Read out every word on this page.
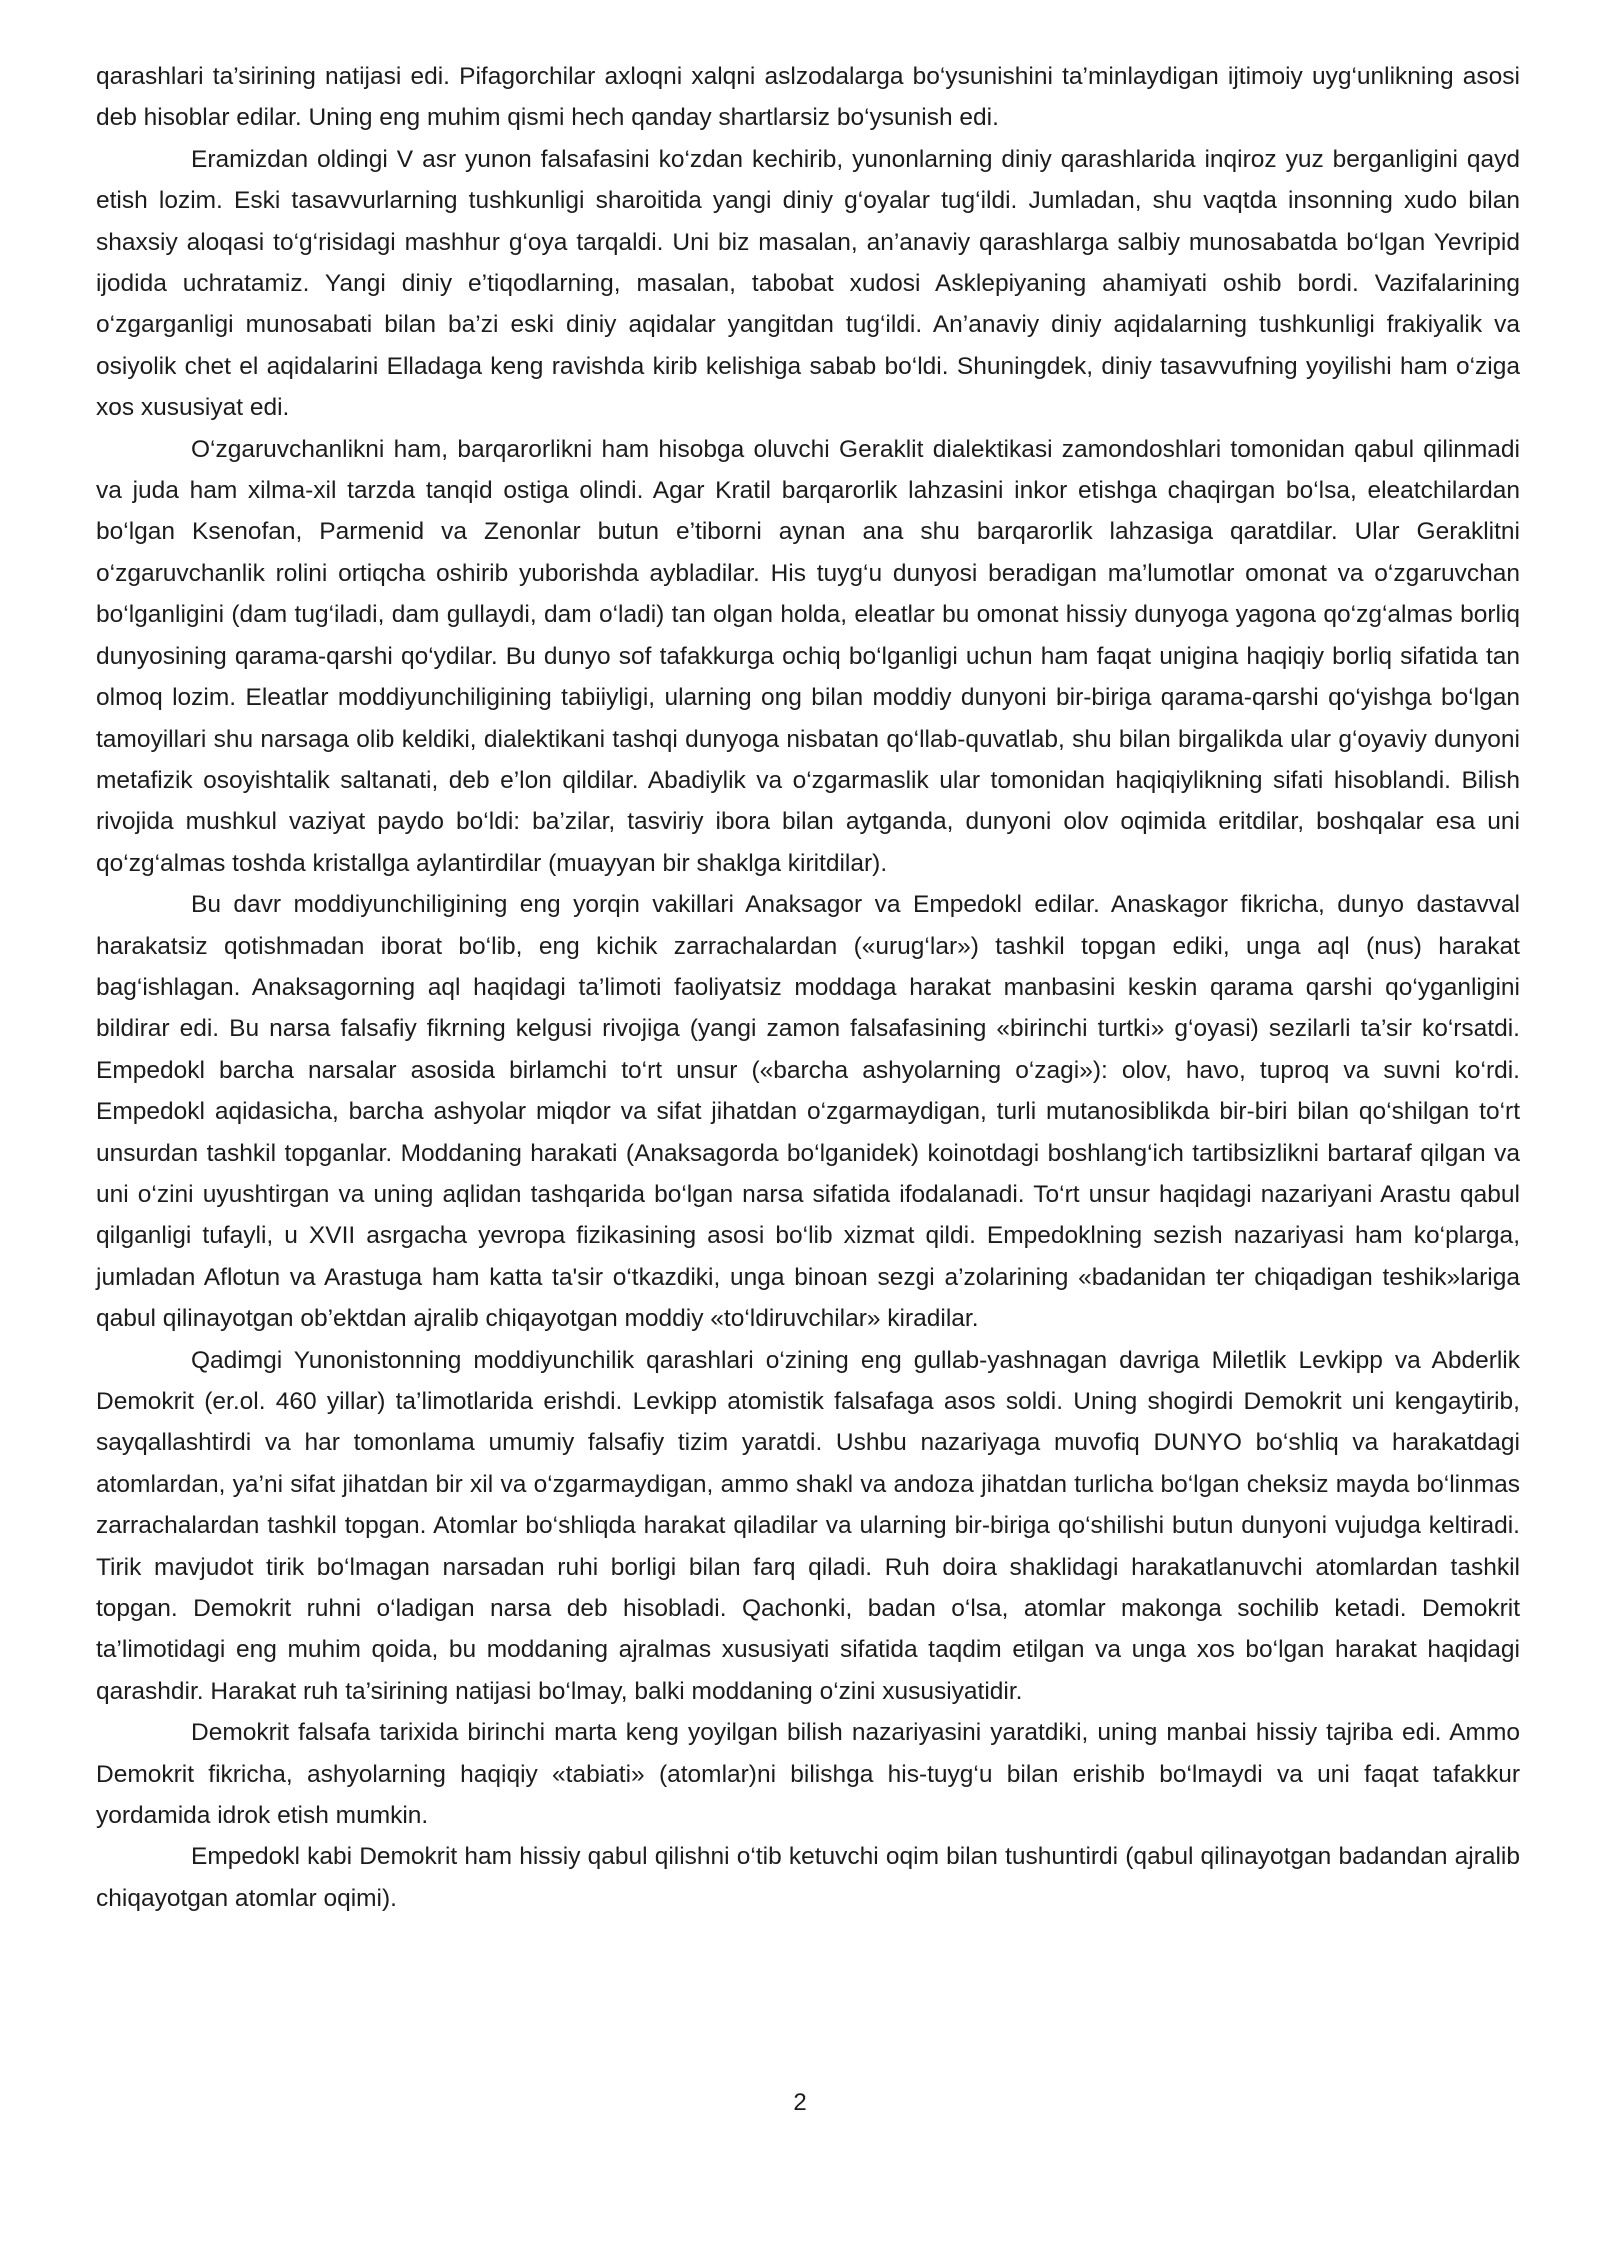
qarashlari ta’sirining natijasi edi. Pifagorchilar axloqni xalqni aslzodalarga bo‘ysunishini ta’minlaydigan ijtimoiy uyg‘unlikning asosi deb hisoblar edilar. Uning eng muhim qismi hech qanday shartlarsiz bo‘ysunish edi.

Eramizdan oldingi V asr yunon falsafasini ko‘zdan kechirib, yunonlarning diniy qarashlarida inqiroz yuz berganligini qayd etish lozim. Eski tasavvurlarning tushkunligi sharoitida yangi diniy g‘oyalar tug‘ildi. Jumladan, shu vaqtda insonning xudo bilan shaxsiy aloqasi to‘g‘risidagi mashhur g‘oya tarqaldi. Uni biz masalan, an’anaviy qarashlarga salbiy munosabatda bo‘lgan Yevripid ijodida uchratamiz. Yangi diniy e’tiqodlarning, masalan, tabobat xudosi Asklepiyaning ahamiyati oshib bordi. Vazifalarining o‘zgarganligi munosabati bilan ba’zi eski diniy aqidalar yangitdan tug‘ildi. An’anaviy diniy aqidalarning tushkunligi frakiyalik va osiyolik chet el aqidalarini Elladaga keng ravishda kirib kelishiga sabab bo‘ldi. Shuningdek, diniy tasavvufning yoyilishi ham o‘ziga xos xususiyat edi.

O‘zgaruvchanlikni ham, barqarorlikni ham hisobga oluvchi Geraklit dialektikasi zamondoshlari tomonidan qabul qilinmadi va juda ham xilma-xil tarzda tanqid ostiga olindi. Agar Kratil barqarorlik lahzasini inkor etishga chaqirgan bo‘lsa, eleatchilardan bo‘lgan Ksenofan, Parmenid va Zenonlar butun e’tiborni aynan ana shu barqarorlik lahzasiga qaratdilar. Ular Geraklitni o‘zgaruvchanlik rolini ortiqcha oshirib yuborishda aybladilar. His tuyg‘u dunyosi beradigan ma’lumotlar omonat va o‘zgaruvchan bo‘lganligini (dam tug‘iladi, dam gullaydi, dam o‘ladi) tan olgan holda, eleatlar bu omonat hissiy dunyoga yagona qo‘zg‘almas borliq dunyosining qarama-qarshi qo‘ydilar. Bu dunyo sof tafakkurga ochiq bo‘lganligi uchun ham faqat unigina haqiqiy borliq sifatida tan olmoq lozim. Eleatlar moddiyunchiligining tabiiyligi, ularning ong bilan moddiy dunyoni bir-biriga qarama-qarshi qo‘yishga bo‘lgan tamoyillari shu narsaga olib keldiki, dialektikani tashqi dunyoga nisbatan qo‘llab-quvatlab, shu bilan birgalikda ular g‘oyaviy dunyoni metafizik osoyishtalik saltanati, deb e’lon qildilar. Abadiylik va o‘zgarmaslik ular tomonidan haqiqiylikning sifati hisoblandi. Bilish rivojida mushkul vaziyat paydo bo‘ldi: ba’zilar, tasviriy ibora bilan aytganda, dunyoni olov oqimida eritdilar, boshqalar esa uni qo‘zg‘almas toshda kristallga aylantirdilar (muayyan bir shaklga kiritdilar).

Bu davr moddiyunchiligining eng yorqin vakillari Anaksagor va Empedokl edilar. Anaskagor fikricha, dunyo dastavval harakatsiz qotishmadan iborat bo‘lib, eng kichik zarrachalardan («urug‘lar») tashkil topgan ediki, unga aql (nus) harakat bag‘ishlagan. Anaksagorning aql haqidagi ta’limoti faoliyatsiz moddaga harakat manbasini keskin qarama qarshi qo‘yganligini bildirar edi. Bu narsa falsafiy fikrning kelgusi rivojiga (yangi zamon falsafasining «birinchi turtki» g‘oyasi) sezilarli ta’sir ko‘rsatdi. Empedokl barcha narsalar asosida birlamchi to‘rt unsur («barcha ashyolarning o‘zagi»): olov, havo, tuproq va suvni ko‘rdi. Empedokl aqidasicha, barcha ashyolar miqdor va sifat jihatdan o‘zgarmaydigan, turli mutanosiblikda bir-biri bilan qo‘shilgan to‘rt unsurdan tashkil topganlar. Moddaning harakati (Anaksagorda bo‘lganidek) koinotdagi boshlang‘ich tartibsizlikni bartaraf qilgan va uni o‘zini uyushtirgan va uning aqlidan tashqarida bo‘lgan narsa sifatida ifodalanadi. To‘rt unsur haqidagi nazariyani Arastu qabul qilganligi tufayli, u XVII asrgacha yevropa fizikasining asosi bo‘lib xizmat qildi. Empedoklning sezish nazariyasi ham ko‘plarga, jumladan Aflotun va Arastuga ham katta ta'sir o‘tkazdiki, unga binoan sezgi a’zolarining «badanidan ter chiqadigan teshik»lariga qabul qilinayotgan ob’ektdan ajralib chiqayotgan moddiy «to‘ldiruvchilar» kiradilar.

Qadimgi Yunonistonning moddiyunchilik qarashlari o‘zining eng gullab-yashnagan davriga Miletlik Levkipp va Abderlik Demokrit (er.ol. 460 yillar) ta’limotlarida erishdi. Levkipp atomistik falsafaga asos soldi. Uning shogirdi Demokrit uni kengaytirib, sayqallashtirdi va har tomonlama umumiy falsafiy tizim yaratdi. Ushbu nazariyaga muvofiq DUNYO bo‘shliq va harakatdagi atomlardan, ya’ni sifat jihatdan bir xil va o‘zgarmaydigan, ammo shakl va andoza jihatdan turlicha bo‘lgan cheksiz mayda bo‘linmas zarrachalardan tashkil topgan. Atomlar bo‘shliqda harakat qiladilar va ularning bir-biriga qo‘shilishi butun dunyoni vujudga keltiradi. Tirik mavjudot tirik bo‘lmagan narsadan ruhi borligi bilan farq qiladi. Ruh doira shaklidagi harakatlanuvchi atomlardan tashkil topgan. Demokrit ruhni o‘ladigan narsa deb hisobladi. Qachonki, badan o‘lsa, atomlar makonga sochilib ketadi. Demokrit ta’limotidagi eng muhim qoida, bu moddaning ajralmas xususiyati sifatida taqdim etilgan va unga xos bo‘lgan harakat haqidagi qarashdir. Harakat ruh ta’sirining natijasi bo‘lmay, balki moddaning o‘zini xususiyatidir.

Demokrit falsafa tarixida birinchi marta keng yoyilgan bilish nazariyasini yaratdiki, uning manbai hissiy tajriba edi. Ammo Demokrit fikricha, ashyolarning haqiqiy «tabiati» (atomlar)ni bilishga his-tuyg‘u bilan erishib bo‘lmaydi va uni faqat tafakkur yordamida idrok etish mumkin.

Empedokl kabi Demokrit ham hissiy qabul qilishni o‘tib ketuvchi oqim bilan tushuntirdi (qabul qilinayotgan badandan ajralib chiqayotgan atomlar oqimi).

2
